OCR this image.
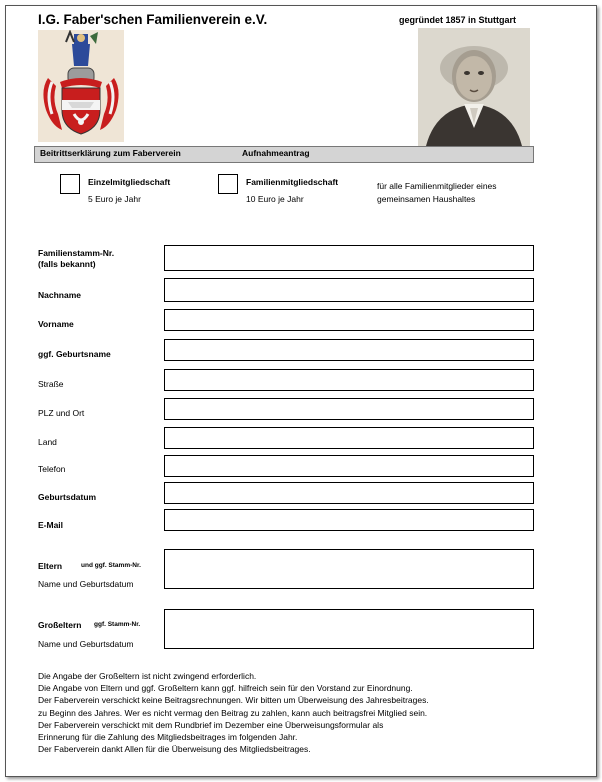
I.G. Faber'schen Familienverein e.V.	gegründet 1857 in Stuttgart
Beitrittserklärung zum Faberverein	Aufnahmeantrag
Einzelmitgliedschaft
5 Euro je Jahr
Familienmitgliedschaft
10 Euro je Jahr
für alle Familienmitglieder eines
gemeinsamen Haushaltes
Familienstamm-Nr.
(falls bekannt)
Nachname
Vorname
ggf. Geburtsname
Straße
PLZ und Ort
Land
Telefon
Geburtsdatum
E-Mail
Eltern	und ggf. Stamm-Nr.
Name und Geburtsdatum
Großeltern ggf. Stamm-Nr.
Name und Geburtsdatum
Die Angabe der Großeltern ist nicht zwingend erforderlich.
Die Angabe von Eltern und ggf. Großeltern kann ggf. hilfreich sein für den Vorstand zur Einordnung.
Der Faberverein verschickt keine Beitragsrechnungen. Wir bitten um Überweisung des Jahresbeitrages.
zu Beginn des Jahres. Wer es nicht vermag den Beitrag zu zahlen, kann auch beitragsfrei Mitglied sein.
Der Faberverein verschickt mit dem Rundbrief im Dezember eine Überweisungsformular als
Erinnerung für die Zahlung des Mitgliedsbeitrages im folgenden Jahr.
Der Faberverein dankt Allen für die Überweisung des Mitgliedsbeitrages.
